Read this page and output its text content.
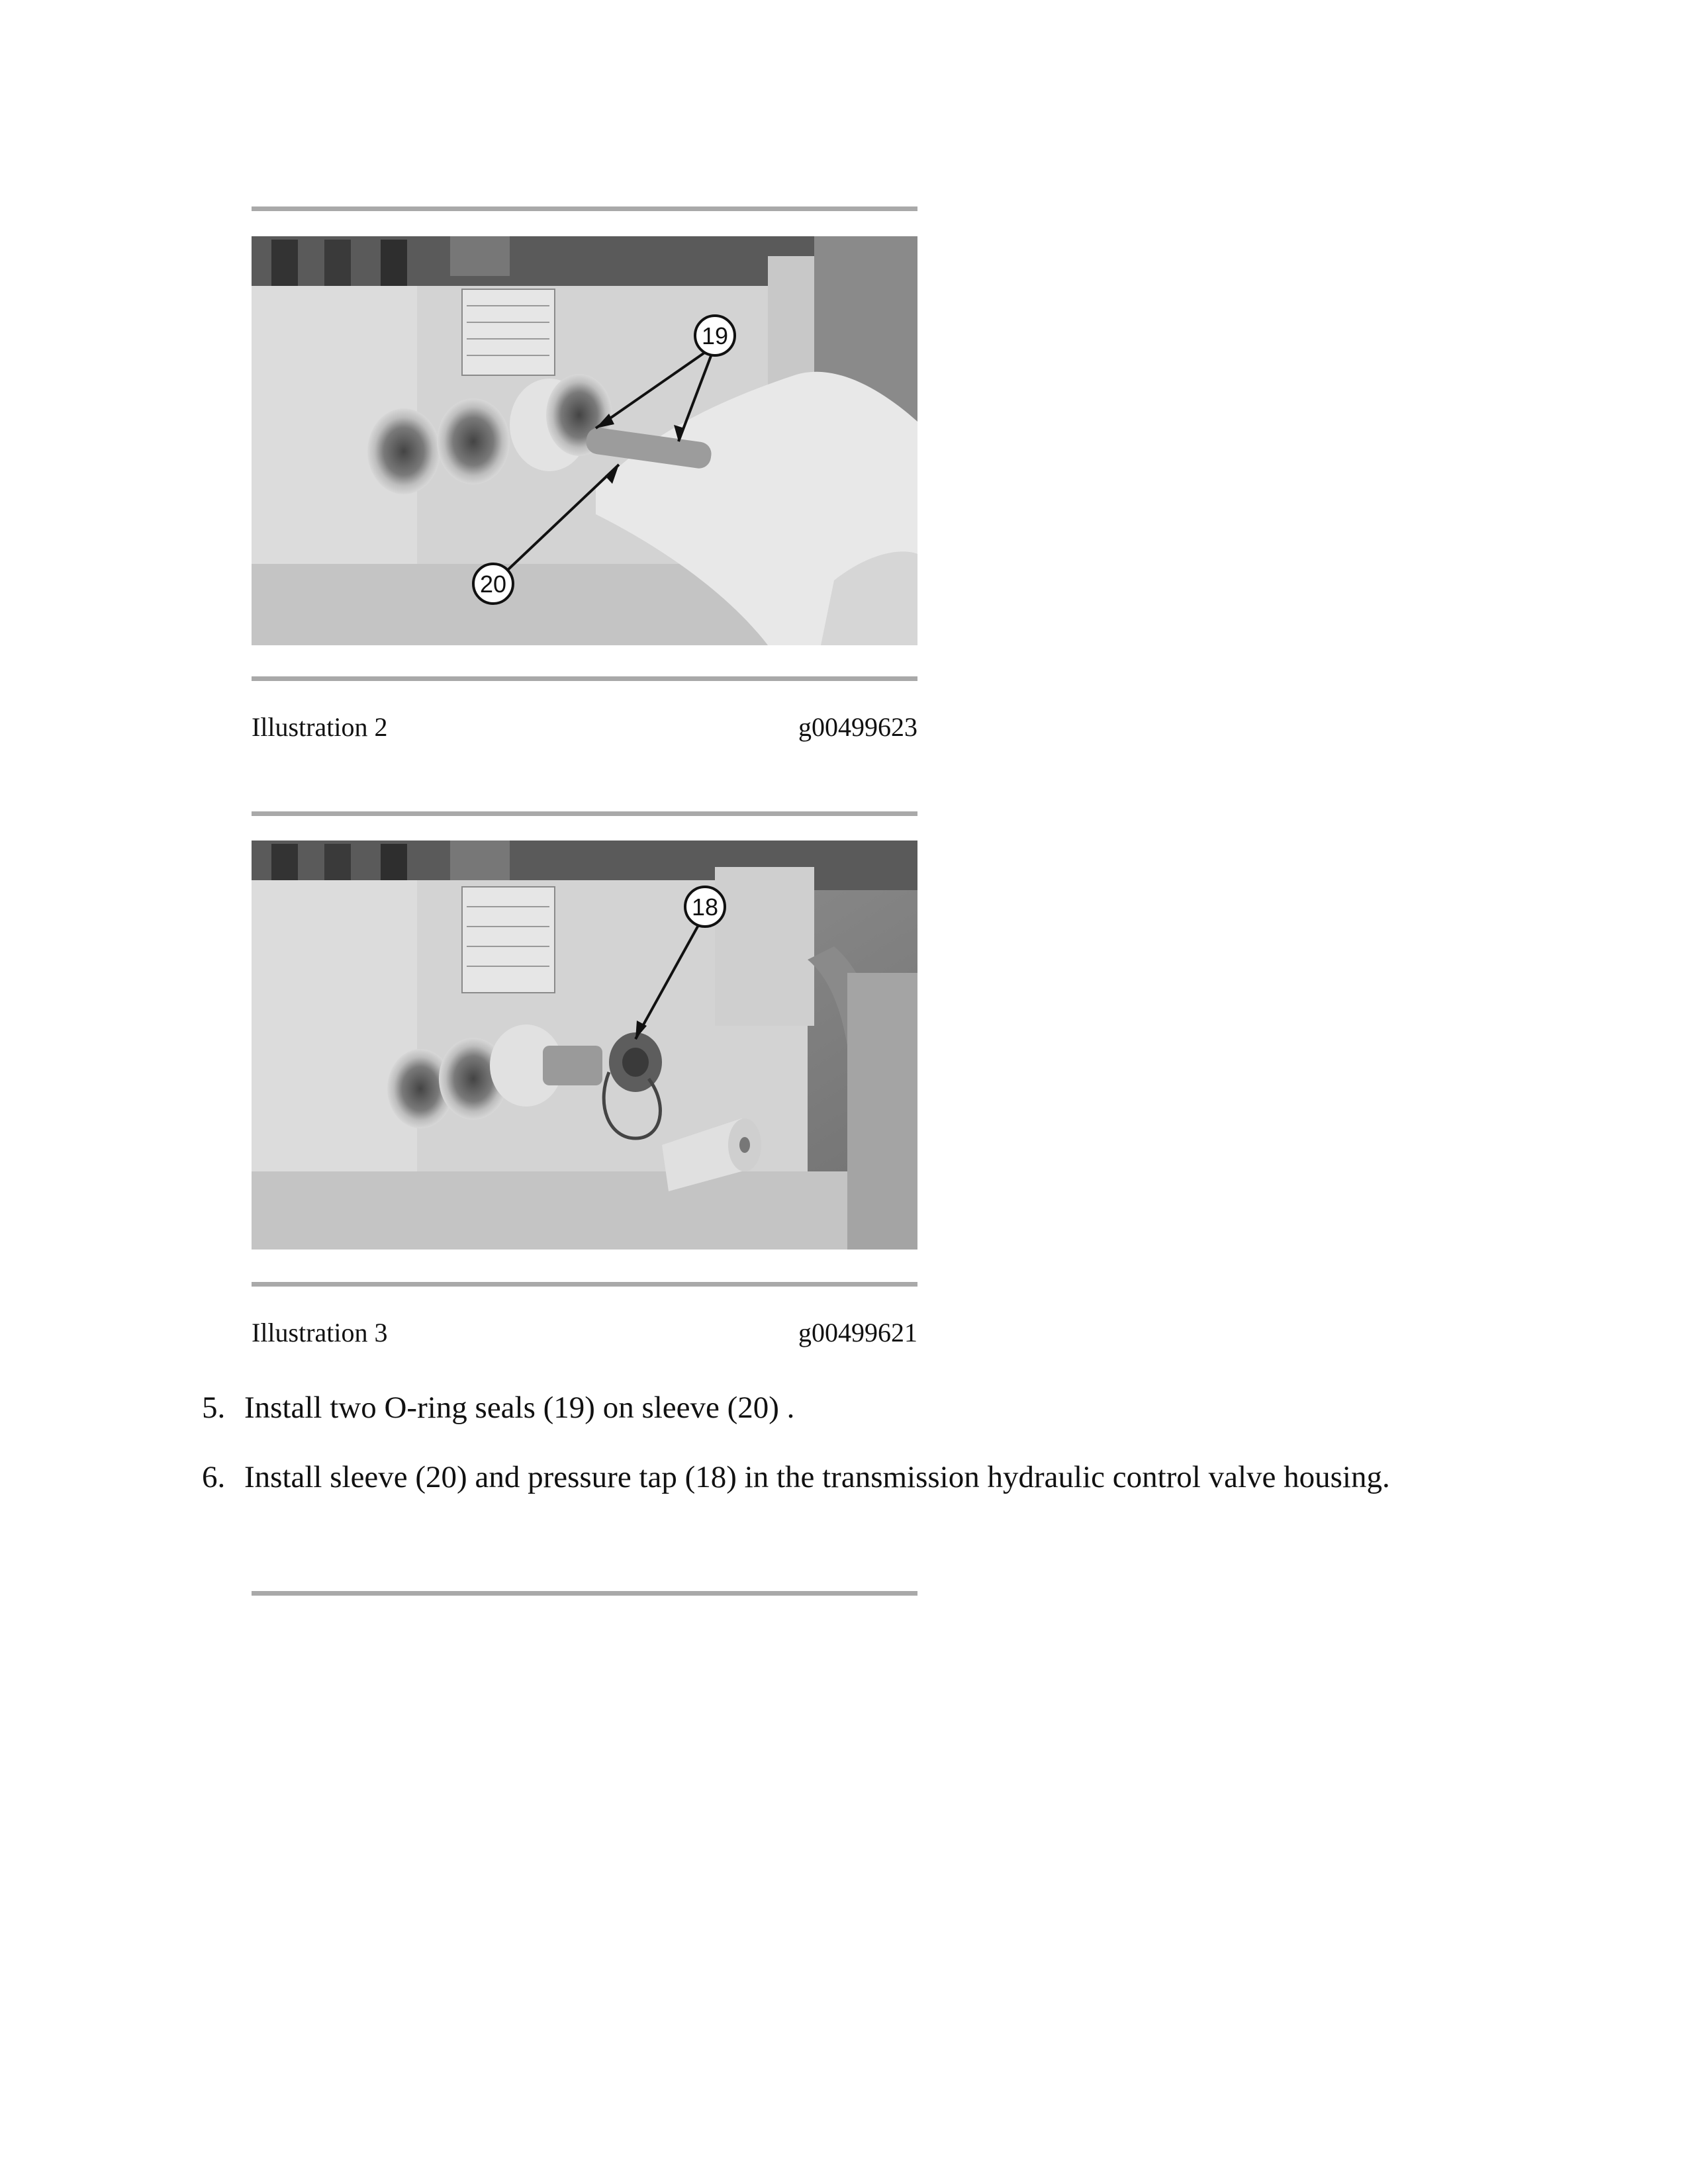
19
20
Illustration 2	g00499623
18
Illustration 3	g00499621
5. Install two O-ring seals (19) on sleeve (20) .
6. Install sleeve (20) and pressure tap (18) in the transmission hydraulic control valve housing.
